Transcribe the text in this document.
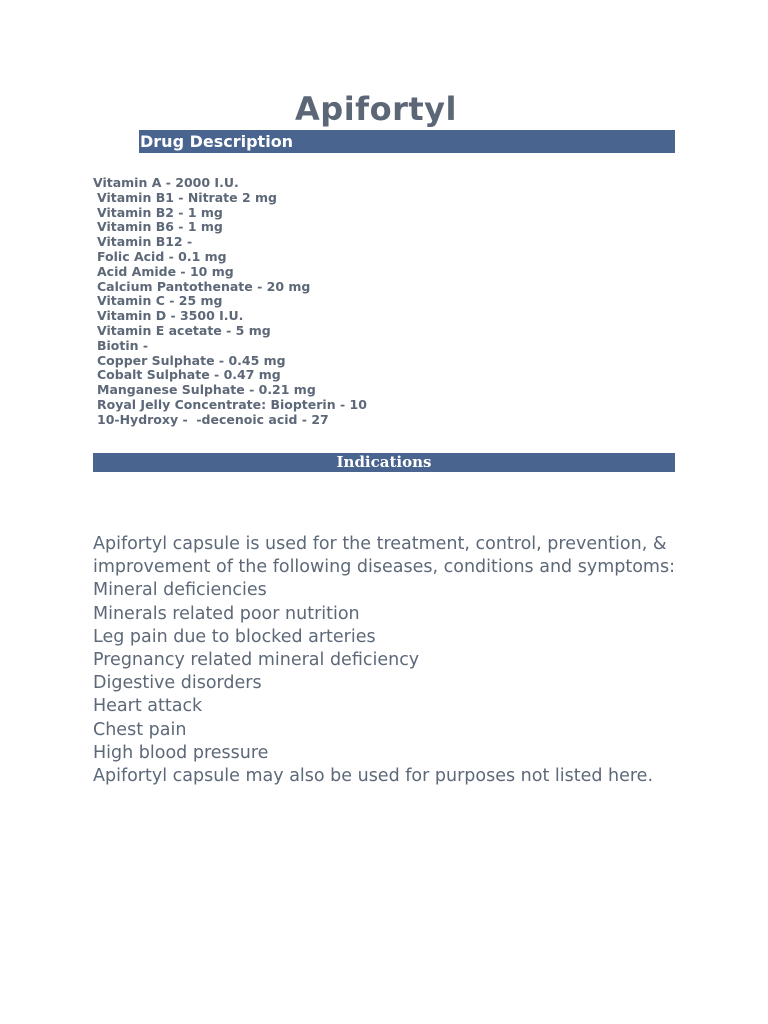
Apifortyl
Drug Description
Vitamin A - 2000 I.U.
Vitamin B1 - Nitrate 2 mg
Vitamin B2 - 1 mg
Vitamin B6 - 1 mg
Vitamin B12 -
Folic Acid - 0.1 mg
Acid Amide - 10 mg
Calcium Pantothenate - 20 mg
Vitamin C - 25 mg
Vitamin D - 3500 I.U.
Vitamin E acetate - 5 mg
Biotin -
Copper Sulphate - 0.45 mg
Cobalt Sulphate - 0.47 mg
Manganese Sulphate - 0.21 mg
Royal Jelly Concentrate: Biopterin - 10
10-Hydroxy -  -decenoic acid - 27
Indications

Apifortyl capsule is used for the treatment, control, prevention, & improvement of the following diseases, conditions and symptoms:

Mineral deficiencies
Minerals related poor nutrition
Leg pain due to blocked arteries
Pregnancy related mineral deficiency
Digestive disorders
Heart attack
Chest pain
High blood pressure

Apifortyl capsule may also be used for purposes not listed here.
